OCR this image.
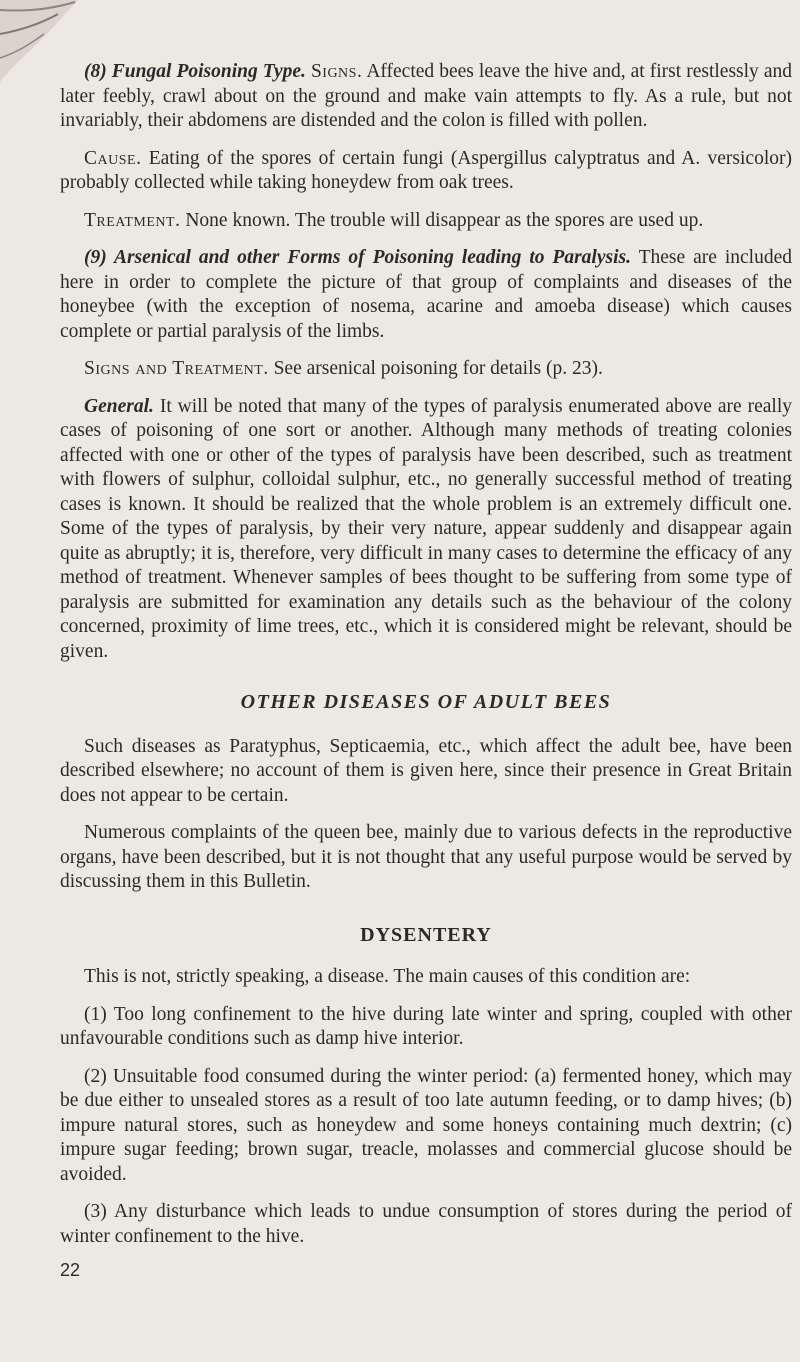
(8) Fungal Poisoning Type. Signs. Affected bees leave the hive and, at first restlessly and later feebly, crawl about on the ground and make vain attempts to fly. As a rule, but not invariably, their abdomens are distended and the colon is filled with pollen.

Cause. Eating of the spores of certain fungi (Aspergillus calyptratus and A. versicolor) probably collected while taking honeydew from oak trees.

Treatment. None known. The trouble will disappear as the spores are used up.

(9) Arsenical and other Forms of Poisoning leading to Paralysis. These are included here in order to complete the picture of that group of complaints and diseases of the honeybee (with the exception of nosema, acarine and amoeba disease) which causes complete or partial paralysis of the limbs.

Signs and Treatment. See arsenical poisoning for details (p. 23).

General. It will be noted that many of the types of paralysis enumerated above are really cases of poisoning of one sort or another. Although many methods of treating colonies affected with one or other of the types of paralysis have been described, such as treatment with flowers of sulphur, colloidal sulphur, etc., no generally successful method of treating cases is known. It should be realized that the whole problem is an extremely difficult one. Some of the types of paralysis, by their very nature, appear suddenly and disappear again quite as abruptly; it is, therefore, very difficult in many cases to determine the efficacy of any method of treatment. Whenever samples of bees thought to be suffering from some type of paralysis are submitted for examination any details such as the behaviour of the colony concerned, proximity of lime trees, etc., which it is considered might be relevant, should be given.

OTHER DISEASES OF ADULT BEES

Such diseases as Paratyphus, Septicaemia, etc., which affect the adult bee, have been described elsewhere; no account of them is given here, since their presence in Great Britain does not appear to be certain.

Numerous complaints of the queen bee, mainly due to various defects in the reproductive organs, have been described, but it is not thought that any useful purpose would be served by discussing them in this Bulletin.

DYSENTERY

This is not, strictly speaking, a disease. The main causes of this condition are:

(1) Too long confinement to the hive during late winter and spring, coupled with other unfavourable conditions such as damp hive interior.

(2) Unsuitable food consumed during the winter period: (a) fermented honey, which may be due either to unsealed stores as a result of too late autumn feeding, or to damp hives; (b) impure natural stores, such as honeydew and some honeys containing much dextrin; (c) impure sugar feeding; brown sugar, treacle, molasses and commercial glucose should be avoided.

(3) Any disturbance which leads to undue consumption of stores during the period of winter confinement to the hive.

22
